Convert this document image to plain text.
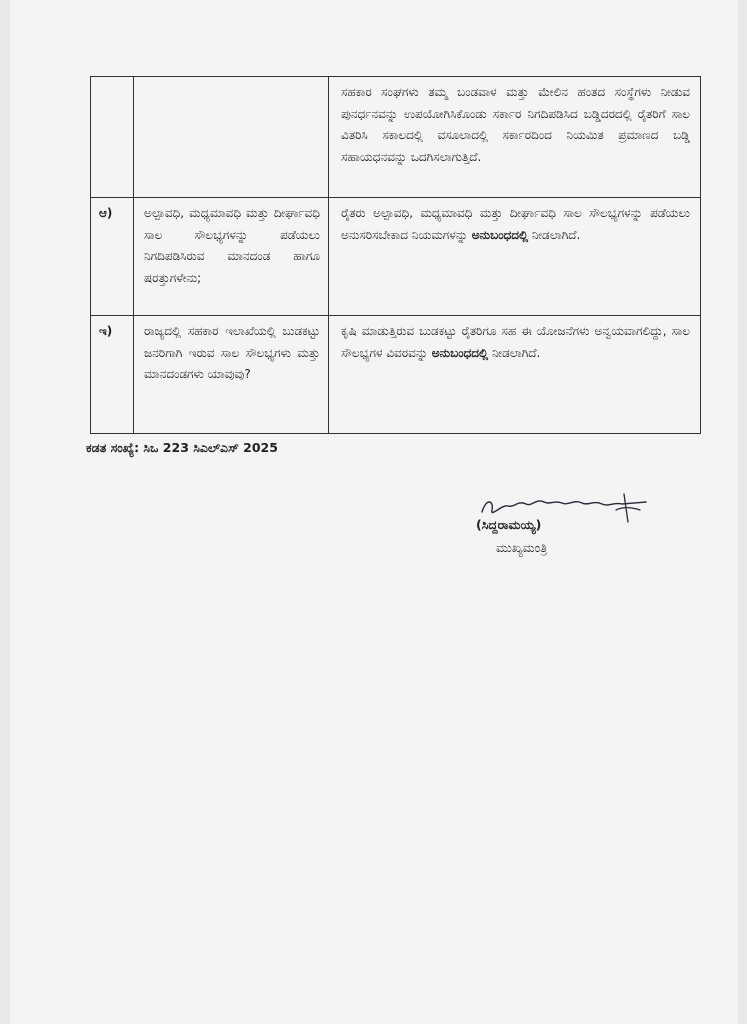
ಸಹಕಾರ ಸಂಘಗಳು ತಮ್ಮ ಬಂಡವಾಳ ಮತ್ತು ಮೇಲಿನ ಹಂತದ ಸಂಸ್ಥೆಗಳು ನೀಡುವ ಪುನರ್ಧನವನ್ನು ಉಪಯೋಗಿಸಿಕೊಂಡು ಸರ್ಕಾರ ನಿಗದಿಪಡಿಸಿದ ಬಡ್ಡಿದರದಲ್ಲಿ ರೈತರಿಗೆ ಸಾಲ ವಿತರಿಸಿ ಸಕಾಲದಲ್ಲಿ ವಸೂಲಾದಲ್ಲಿ ಸರ್ಕಾರದಿಂದ ನಿಯಮಿತ ಪ್ರಮಾಣದ ಬಡ್ಡಿ ಸಹಾಯಧನವನ್ನು ಒದಗಿಸಲಾಗುತ್ತಿದೆ.
ಆ)	ಅಲ್ಪಾವಧಿ, ಮಧ್ಯಮಾವಧಿ ಮತ್ತು ದೀರ್ಘಾವಧಿ ಸಾಲ ಸೌಲಭ್ಯಗಳನ್ನು ಪಡೆಯಲು ನಿಗದಿಪಡಿಸಿರುವ ಮಾನದಂಡ ಹಾಗೂ ಷರತ್ತುಗಳೇನು;
ರೈತರು ಅಲ್ಪಾವಧಿ, ಮಧ್ಯಮಾವಧಿ ಮತ್ತು ದೀರ್ಘಾವಧಿ ಸಾಲ ಸೌಲಭ್ಯಗಳನ್ನು ಪಡೆಯಲು ಅನುಸರಿಸಬೇಕಾದ ನಿಯಮಗಳನ್ನು ಅನುಬಂಧದಲ್ಲಿ ನೀಡಲಾಗಿದೆ.
ಇ)	ರಾಜ್ಯದಲ್ಲಿ ಸಹಕಾರ ಇಲಾಖೆಯಲ್ಲಿ ಬುಡಕಟ್ಟು ಜನರಿಗಾಗಿ ಇರುವ ಸಾಲ ಸೌಲಭ್ಯಗಳು ಮತ್ತು ಮಾನದಂಡಗಳು ಯಾವುವು?
ಕೃಷಿ ಮಾಡುತ್ತಿರುವ ಬುಡಕಟ್ಟು ರೈತರಿಗೂ ಸಹ ಈ ಯೋಜನೆಗಳು ಅನ್ವಯವಾಗಲಿದ್ದು, ಸಾಲ ಸೌಲಭ್ಯಗಳ ವಿವರವನ್ನು ಅನುಬಂಧದಲ್ಲಿ ನೀಡಲಾಗಿದೆ.
ಕಡತ ಸಂಖ್ಯೆ: ಸಿಒ 223 ಸಿಎಲ್ಎಸ್ 2025
(ಸಿದ್ದರಾಮಯ್ಯ)
ಮುಖ್ಯಮಂತ್ರಿ
